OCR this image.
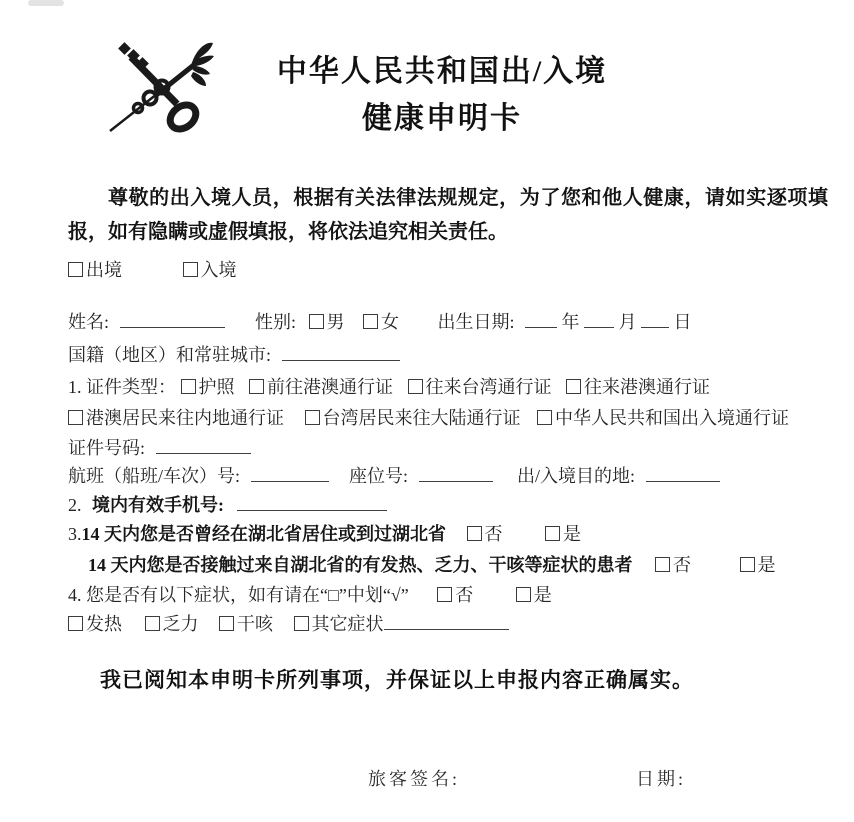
中华人民共和国出/入境
健康申明卡
尊敬的出入境人员，根据有关法律法规规定，为了您和他人健康，请如实逐项填报，如有隐瞒或虚假填报，将依法追究相关责任。
出境	入境
姓名:	性别: 男 女 出生日期:	年 月 日
国籍（地区）和常驻城市:
1. 证件类型： 护照 前往港澳通行证 往来台湾通行证 往来港澳通行证
港澳居民来往内地通行证 台湾居民来往大陆通行证 中华人民共和国出入境通行证
证件号码:
航班（船班/车次）号:	座位号:	出/入境目的地:
2. 境内有效手机号:
3.14 天内您是否曾经在湖北省居住或到过湖北省 否	是
14 天内您是否接触过来自湖北省的有发热、乏力、干咳等症状的患者 否	是
4. 您是否有以下症状，如有请在“□”中划“√”	否	是
发热 乏力 干咳 其它症状
我已阅知本申明卡所列事项，并保证以上申报内容正确属实。
旅客签名:	日期:
